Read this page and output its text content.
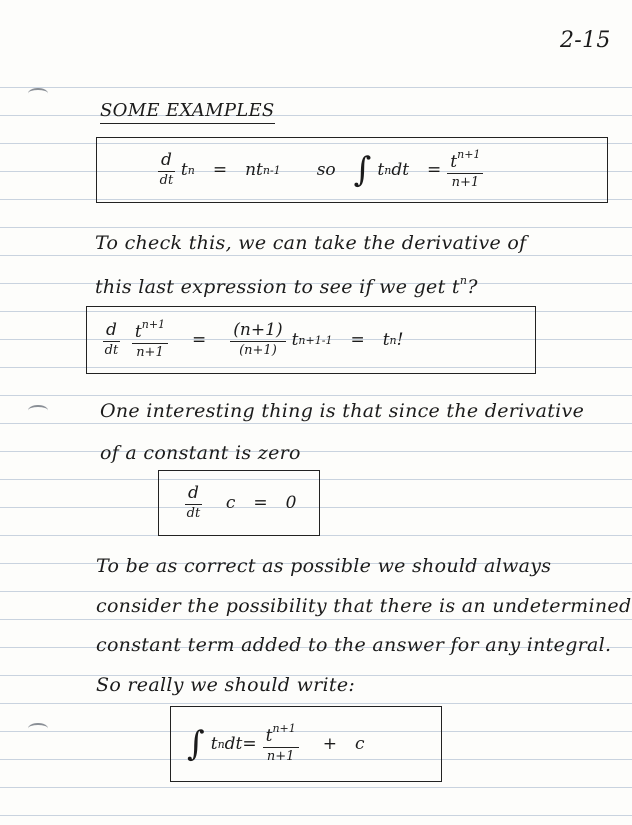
2-15
SOME EXAMPLES
$\frac{d}{dt}$ t n = n t n-1 so ∫ t n dt = $\frac{t^{n+1}}{n+1}$
To check this, we can take the derivative of
this last expression to see if we get $t^n$?
$\frac{d}{dt} \frac{t^{n+1}}{n+1} = \frac{(n+1)}{(n+1)}$ t n+1-1 = t n !
One interesting thing is that since the derivative
of a constant is zero
$\frac{d}{dt}$ c = 0
To be as correct as possible we should always
consider the possibility that there is an undetermined
constant term added to the answer for any integral.
So really we should write:
∫ t n dt = $\frac{t^{n+1}}{n+1} + c$
